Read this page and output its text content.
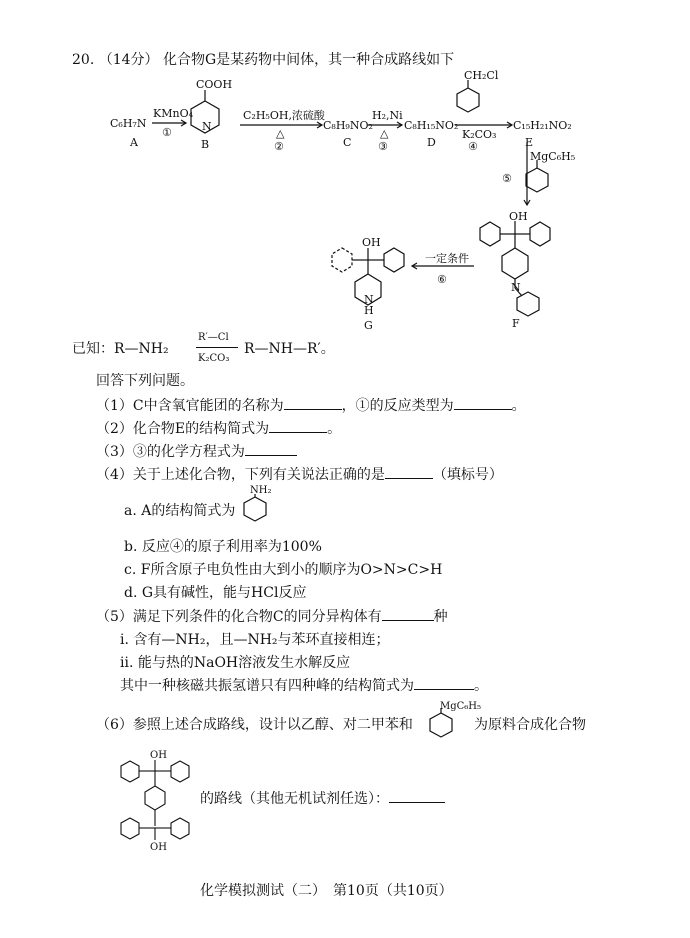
20. （14分） 化合物G是某药物中间体，其一种合成路线如下
C₆H₇N
A
KMnO₄
①
COOH
N
B
C₂H₅OH,浓硫酸
△
②
C₈H₉NO₂
C
H₂,Ni
△
③
C₈H₁₅NO₂
D
CH₂Cl
K₂CO₃
④
C₁₅H₂₁NO₂
E
MgC₆H₅
⑤
OH
N
F
一定条件
⑥
OH
N
H
G
已知：R—NH₂
R′—Cl
K₂CO₃
R—NH—R′。
回答下列问题。
（1）C中含氧官能团的名称为	，①的反应类型为	。
（2）化合物E的结构简式为	。
（3）③的化学方程式为
（4）关于上述化合物，下列有关说法正确的是	（填标号）
a. A的结构简式为
NH₂
b. 反应④的原子利用率为100%
c. F所含原子电负性由大到小的顺序为O>N>C>H
d. G具有碱性，能与HCl反应
（5）满足下列条件的化合物C的同分异构体有	种
ⅰ. 含有—NH₂，且—NH₂与苯环直接相连；
ⅱ. 能与热的NaOH溶液发生水解反应
其中一种核磁共振氢谱只有四种峰的结构简式为	。
（6）参照上述合成路线，设计以乙醇、对二甲苯和
MgC₆H₅
为原料合成化合物
OH
OH
的路线（其他无机试剂任选）：
化学模拟测试（二）　第10页（共10页）
